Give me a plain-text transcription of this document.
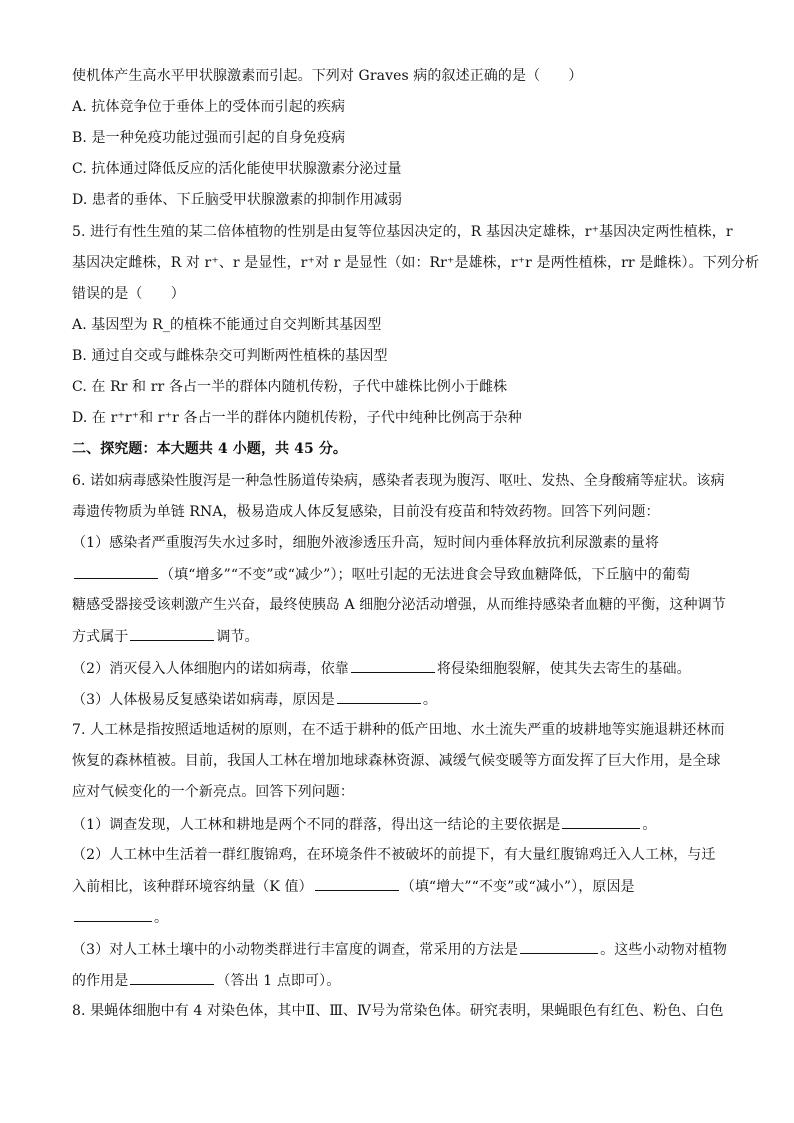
使机体产生高水平甲状腺激素而引起。下列对 Graves 病的叙述正确的是（　　）
A. 抗体竞争位于垂体上的受体而引起的疾病
B. 是一种免疫功能过强而引起的自身免疫病
C. 抗体通过降低反应的活化能使甲状腺激素分泌过量
D. 患者的垂体、下丘脑受甲状腺激素的抑制作用减弱
5. 进行有性生殖的某二倍体植物的性别是由复等位基因决定的，R 基因决定雄株，r⁺基因决定两性植株，r
基因决定雌株，R 对 r⁺、r 是显性，r⁺对 r 是显性（如：Rr⁺是雄株，r⁺r 是两性植株，rr 是雌株）。下列分析
错误的是（　　）
A. 基因型为 R_的植株不能通过自交判断其基因型
B. 通过自交或与雌株杂交可判断两性植株的基因型
C. 在 Rr 和 rr 各占一半的群体内随机传粉，子代中雄株比例小于雌株
D. 在 r⁺r⁺和 r⁺r 各占一半的群体内随机传粉，子代中纯种比例高于杂种
二、探究题：本大题共 4 小题，共 45 分。
6. 诺如病毒感染性腹泻是一种急性肠道传染病，感染者表现为腹泻、呕吐、发热、全身酸痛等症状。该病
毒遗传物质为单链 RNA，极易造成人体反复感染，目前没有疫苗和特效药物。回答下列问题：
（1）感染者严重腹泻失水过多时，细胞外液渗透压升高，短时间内垂体释放抗利尿激素的量将
（填“增多”“不变”或“减少”）；呕吐引起的无法进食会导致血糖降低，下丘脑中的葡萄
糖感受器接受该刺激产生兴奋，最终使胰岛 A 细胞分泌活动增强，从而维持感染者血糖的平衡，这种调节
方式属于	调节。
（2）消灭侵入人体细胞内的诺如病毒，依靠	将侵染细胞裂解，使其失去寄生的基础。
（3）人体极易反复感染诺如病毒，原因是	。
7. 人工林是指按照适地适树的原则，在不适于耕种的低产田地、水土流失严重的坡耕地等实施退耕还林而
恢复的森林植被。目前，我国人工林在增加地球森林资源、减缓气候变暖等方面发挥了巨大作用，是全球
应对气候变化的一个新亮点。回答下列问题：
（1）调查发现，人工林和耕地是两个不同的群落，得出这一结论的主要依据是	。
（2）人工林中生活着一群红腹锦鸡，在环境条件不被破坏的前提下，有大量红腹锦鸡迁入人工林，与迁
入前相比，该种群环境容纳量（K 值）	（填“增大”“不变”或“减小”），原因是
。
（3）对人工林土壤中的小动物类群进行丰富度的调查，常采用的方法是	。这些小动物对植物
的作用是	（答出 1 点即可）。
8. 果蝇体细胞中有 4 对染色体，其中Ⅱ、Ⅲ、Ⅳ号为常染色体。研究表明，果蝇眼色有红色、粉色、白色
